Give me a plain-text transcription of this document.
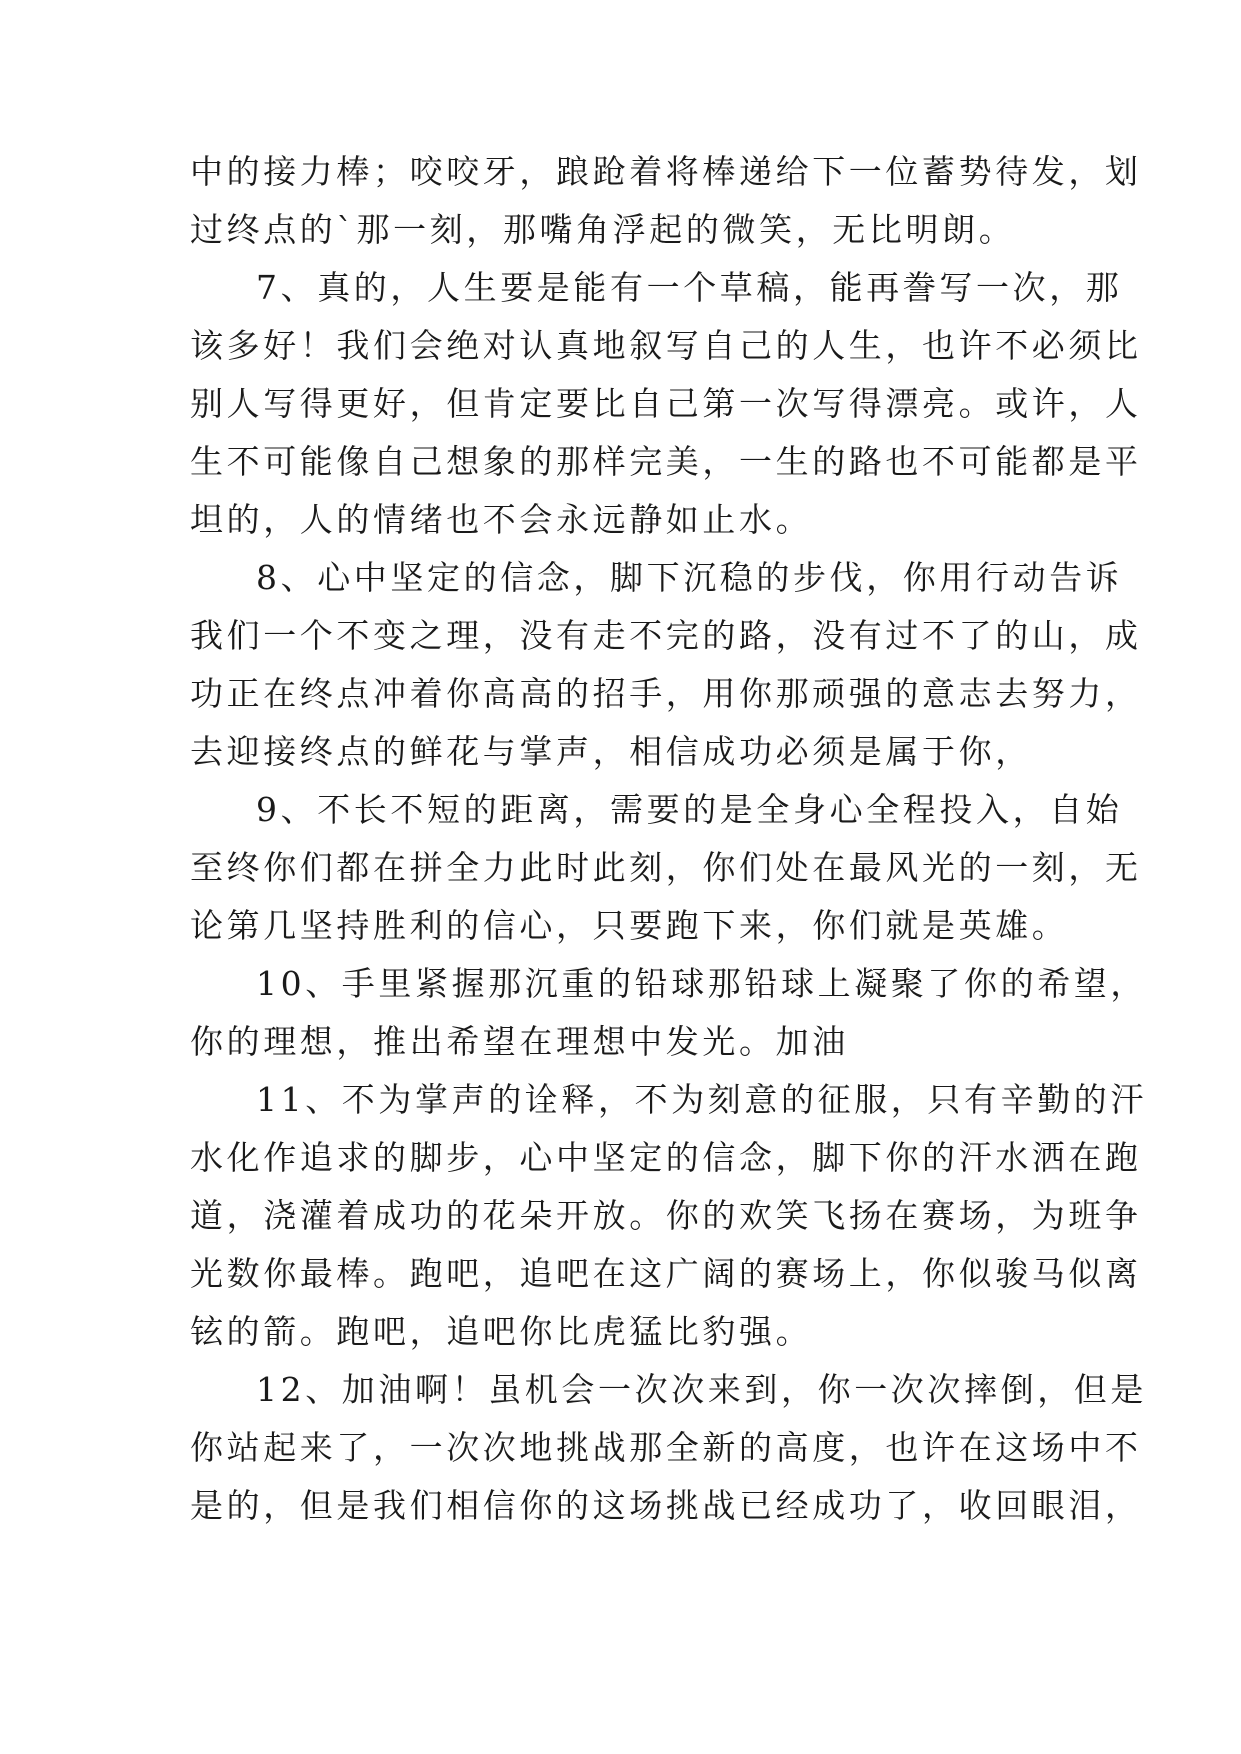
中的接力棒；咬咬牙，踉跄着将棒递给下一位蓄势待发，划
过终点的`那一刻，那嘴角浮起的微笑，无比明朗。
7、真的，人生要是能有一个草稿，能再誊写一次，那
该多好！我们会绝对认真地叙写自己的人生，也许不必须比
别人写得更好，但肯定要比自己第一次写得漂亮。或许，人
生不可能像自己想象的那样完美，一生的路也不可能都是平
坦的，人的情绪也不会永远静如止水。
8、心中坚定的信念，脚下沉稳的步伐，你用行动告诉
我们一个不变之理，没有走不完的路，没有过不了的山，成
功正在终点冲着你高高的招手，用你那顽强的意志去努力，
去迎接终点的鲜花与掌声，相信成功必须是属于你，
9、不长不短的距离，需要的是全身心全程投入，自始
至终你们都在拼全力此时此刻，你们处在最风光的一刻，无
论第几坚持胜利的信心，只要跑下来，你们就是英雄。
10、手里紧握那沉重的铅球那铅球上凝聚了你的希望，
你的理想，推出希望在理想中发光。加油
11、不为掌声的诠释，不为刻意的征服，只有辛勤的汗
水化作追求的脚步，心中坚定的信念，脚下你的汗水洒在跑
道，浇灌着成功的花朵开放。你的欢笑飞扬在赛场，为班争
光数你最棒。跑吧，追吧在这广阔的赛场上，你似骏马似离
铉的箭。跑吧，追吧你比虎猛比豹强。
12、加油啊！虽机会一次次来到，你一次次摔倒，但是
你站起来了，一次次地挑战那全新的高度，也许在这场中不
是的，但是我们相信你的这场挑战已经成功了，收回眼泪，
